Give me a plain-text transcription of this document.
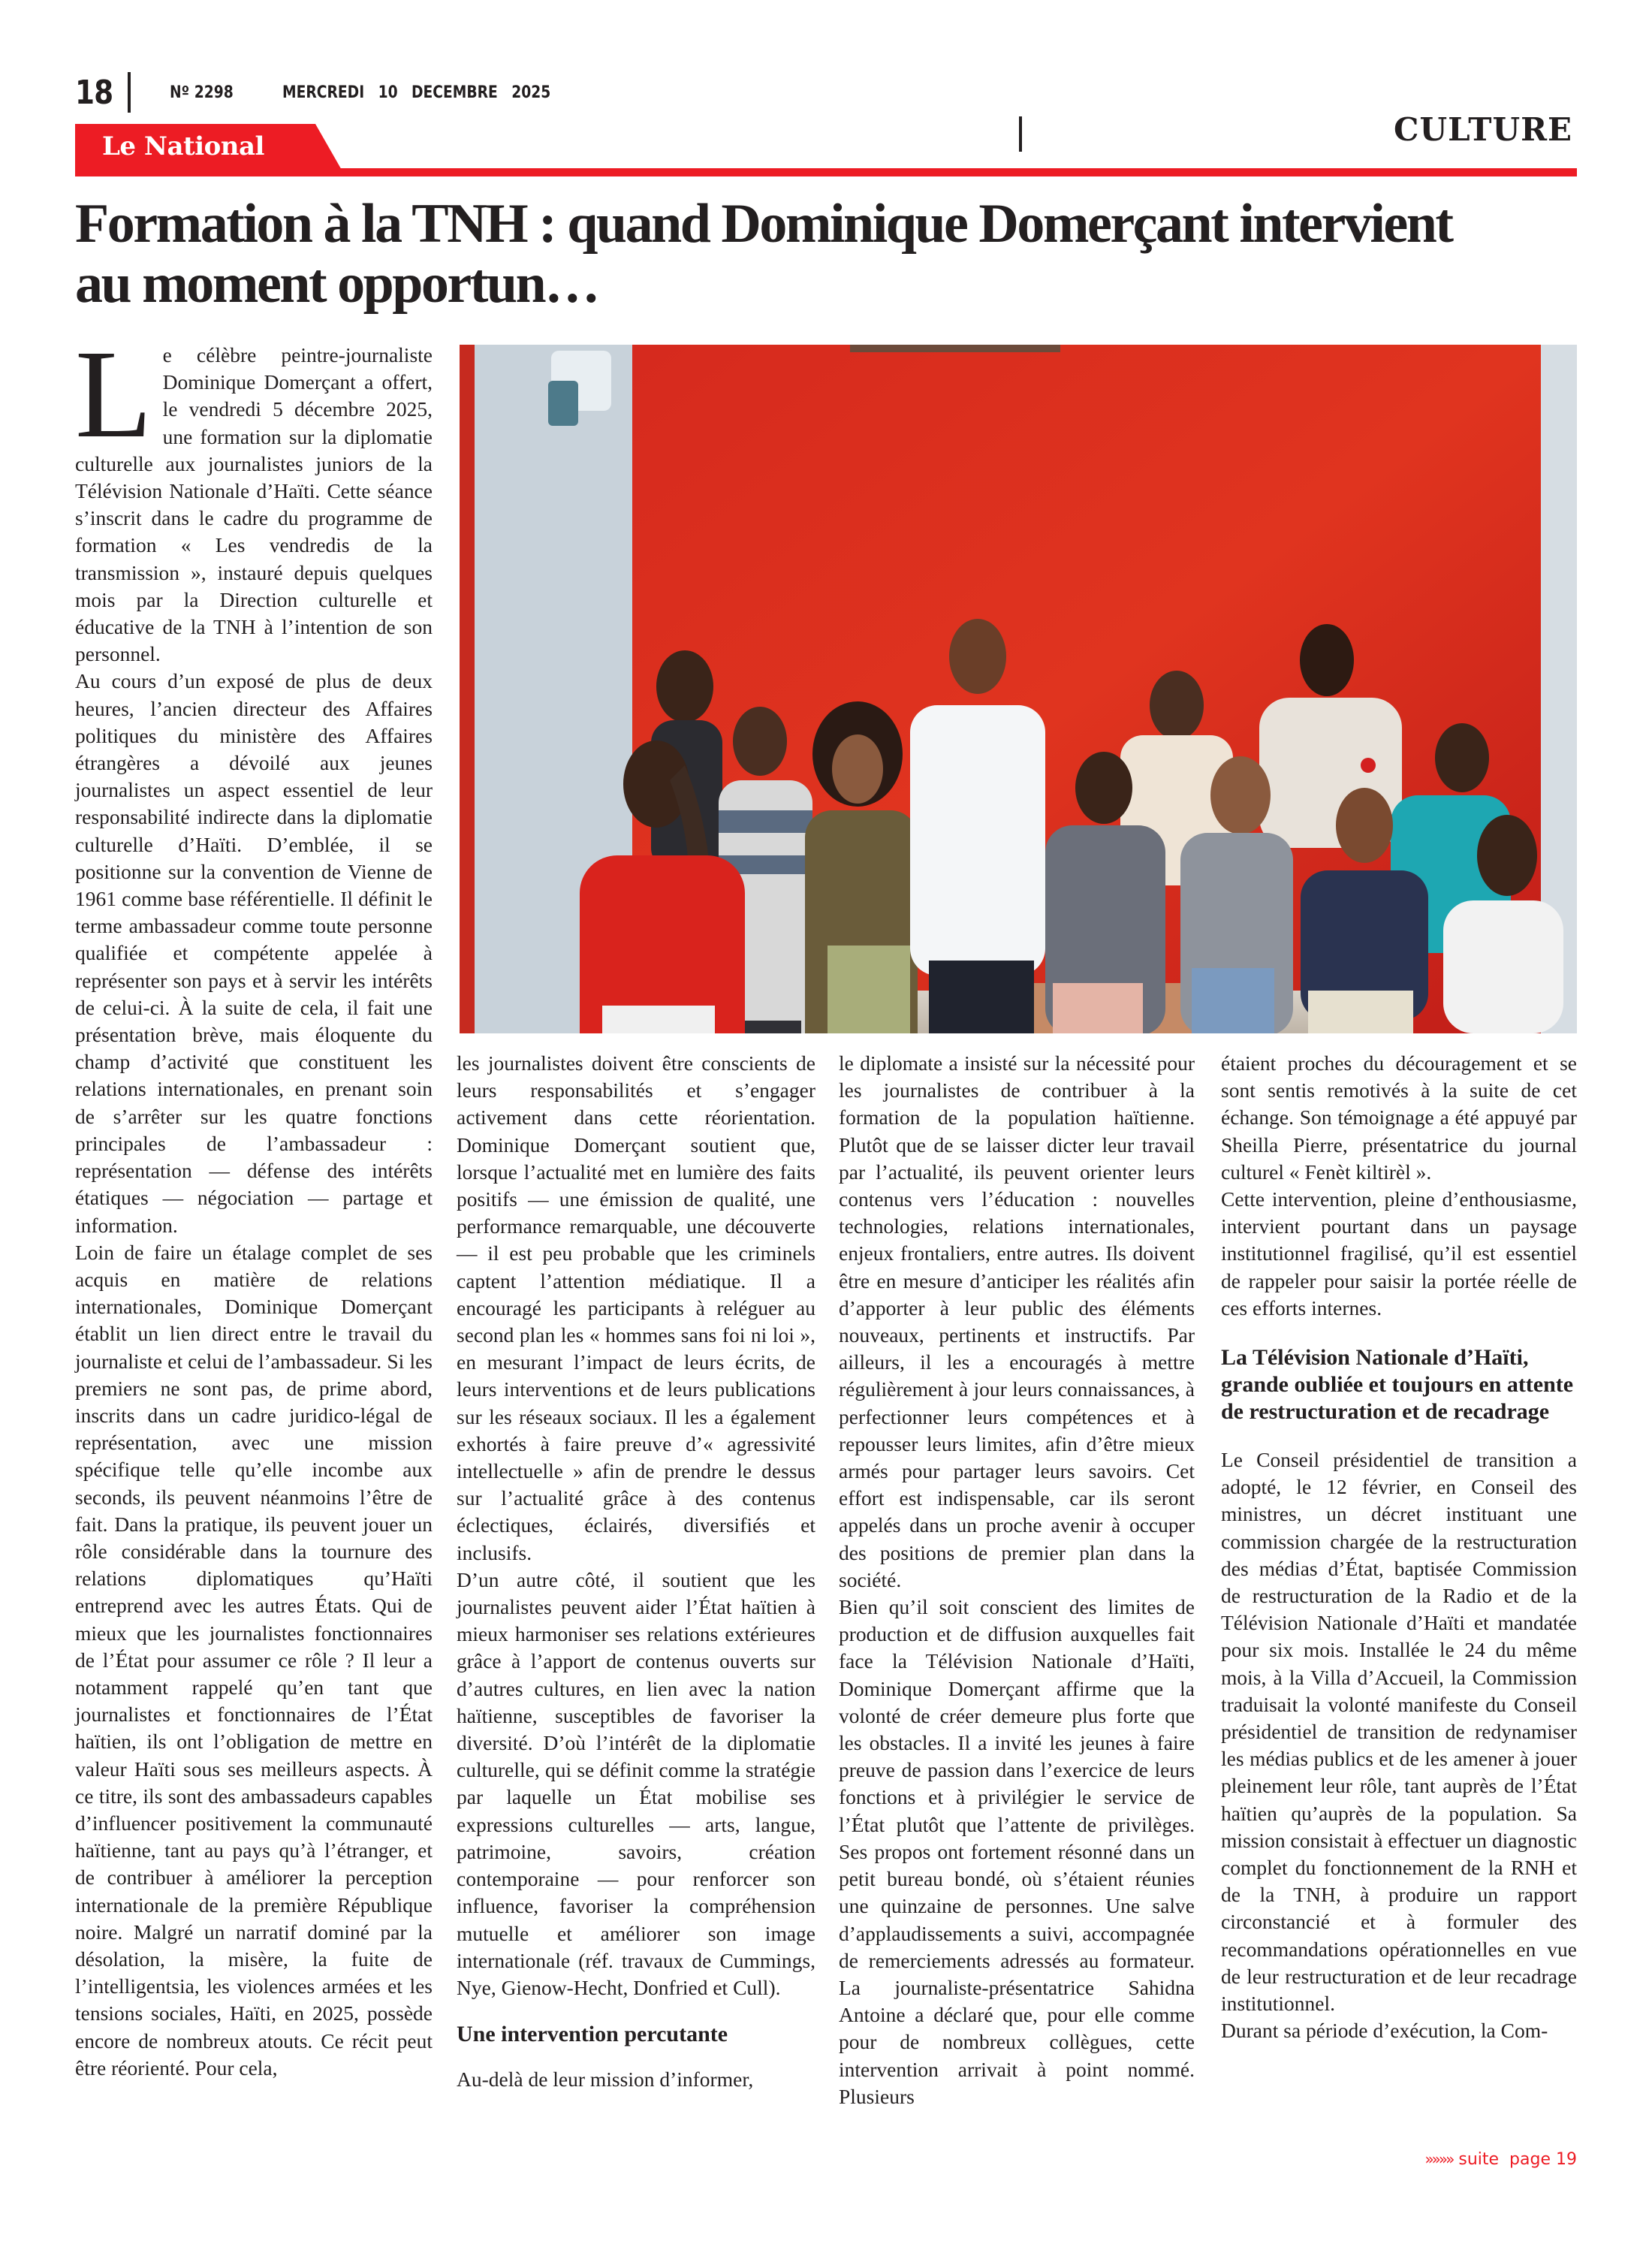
18	Nº 2298	MERCREDI 10 DECEMBRE 2025
Le National	CULTURE
Formation à la TNH : quand Dominique Domerçant intervient au moment opportun…

Le célèbre peintre-journaliste Dominique Domerçant a offert, le vendredi 5 décembre 2025, une formation sur la diplomatie culturelle aux journalistes juniors de la Télévision Nationale d’Haïti. Cette séance s’inscrit dans le cadre du programme de formation « Les vendredis de la transmission », instauré depuis quelques mois par la Direction culturelle et éducative de la TNH à l’intention de son personnel.

Au cours d’un exposé de plus de deux heures, l’ancien directeur des Affaires politiques du ministère des Affaires étrangères a dévoilé aux jeunes journalistes un aspect essentiel de leur responsabilité indirecte dans la diplomatie culturelle d’Haïti. D’emblée, il se positionne sur la convention de Vienne de 1961 comme base référentielle. Il définit le terme ambassadeur comme toute personne qualifiée et compétente appelée à représenter son pays et à servir les intérêts de celui-ci. À la suite de cela, il fait une présentation brève, mais éloquente du champ d’activité que constituent les relations internationales, en prenant soin de s’arrêter sur les quatre fonctions principales de l’ambassadeur : représentation — défense des intérêts étatiques — négociation — partage et information.

Loin de faire un étalage complet de ses acquis en matière de relations internationales, Dominique Domerçant établit un lien direct entre le travail du journaliste et celui de l’ambassadeur. Si les premiers ne sont pas, de prime abord, inscrits dans un cadre juridico-légal de représentation, avec une mission spécifique telle qu’elle incombe aux seconds, ils peuvent néanmoins l’être de fait. Dans la pratique, ils peuvent jouer un rôle considérable dans la tournure des relations diplomatiques qu’Haïti entreprend avec les autres États. Qui de mieux que les journalistes fonctionnaires de l’État pour assumer ce rôle ? Il leur a notamment rappelé qu’en tant que journalistes et fonctionnaires de l’État haïtien, ils ont l’obligation de mettre en valeur Haïti sous ses meilleurs aspects. À ce titre, ils sont des ambassadeurs capables d’influencer positivement la communauté haïtienne, tant au pays qu’à l’étranger, et de contribuer à améliorer la perception internationale de la première République noire. Malgré un narratif dominé par la désolation, la misère, la fuite de l’intelligentsia, les violences armées et les tensions sociales, Haïti, en 2025, possède encore de nombreux atouts. Ce récit peut être réorienté. Pour cela,

les journalistes doivent être conscients de leurs responsabilités et s’engager activement dans cette réorientation. Dominique Domerçant soutient que, lorsque l’actualité met en lumière des faits positifs — une émission de qualité, une performance remarquable, une découverte — il est peu probable que les criminels captent l’attention médiatique. Il a encouragé les participants à reléguer au second plan les « hommes sans foi ni loi », en mesurant l’impact de leurs écrits, de leurs interventions et de leurs publications sur les réseaux sociaux. Il les a également exhortés à faire preuve d’« agressivité intellectuelle » afin de prendre le dessus sur l’actualité grâce à des contenus éclectiques, éclairés, diversifiés et inclusifs.

D’un autre côté, il soutient que les journalistes peuvent aider l’État haïtien à mieux harmoniser ses relations extérieures grâce à l’apport de contenus ouverts sur d’autres cultures, en lien avec la nation haïtienne, susceptibles de favoriser la diversité. D’où l’intérêt de la diplomatie culturelle, qui se définit comme la stratégie par laquelle un État mobilise ses expressions culturelles — arts, langue, patrimoine, savoirs, création contemporaine — pour renforcer son influence, favoriser la compréhension mutuelle et améliorer son image internationale (réf. travaux de Cummings, Nye, Gienow-Hecht, Donfried et Cull).

Une intervention percutante

Au-delà de leur mission d’informer,

le diplomate a insisté sur la nécessité pour les journalistes de contribuer à la formation de la population haïtienne. Plutôt que de se laisser dicter leur travail par l’actualité, ils peuvent orienter leurs contenus vers l’éducation : nouvelles technologies, relations internationales, enjeux frontaliers, entre autres. Ils doivent être en mesure d’anticiper les réalités afin d’apporter à leur public des éléments nouveaux, pertinents et instructifs. Par ailleurs, il les a encouragés à mettre régulièrement à jour leurs connaissances, à perfectionner leurs compétences et à repousser leurs limites, afin d’être mieux armés pour partager leurs savoirs. Cet effort est indispensable, car ils seront appelés dans un proche avenir à occuper des positions de premier plan dans la société.

Bien qu’il soit conscient des limites de production et de diffusion auxquelles fait face la Télévision Nationale d’Haïti, Dominique Domerçant affirme que la volonté de créer demeure plus forte que les obstacles. Il a invité les jeunes à faire preuve de passion dans l’exercice de leurs fonctions et à privilégier le service de l’État plutôt que l’attente de privilèges. Ses propos ont fortement résonné dans un petit bureau bondé, où s’étaient réunies une quinzaine de personnes. Une salve d’applaudissements a suivi, accompagnée de remerciements adressés au formateur. La journaliste-présentatrice Sahidna Antoine a déclaré que, pour elle comme pour de nombreux collègues, cette intervention arrivait à point nommé. Plusieurs

étaient proches du découragement et se sont sentis remotivés à la suite de cet échange. Son témoignage a été appuyé par Sheilla Pierre, présentatrice du journal culturel « Fenèt kiltirèl ».

Cette intervention, pleine d’enthousiasme, intervient pourtant dans un paysage institutionnel fragilisé, qu’il est essentiel de rappeler pour saisir la portée réelle de ces efforts internes.

La Télévision Nationale d’Haïti, grande oubliée et toujours en attente de restructuration et de recadrage

Le Conseil présidentiel de transition a adopté, le 12 février, en Conseil des ministres, un décret instituant une commission chargée de la restructuration des médias d’État, baptisée Commission de restructuration de la Radio et de la Télévision Nationale d’Haïti et mandatée pour six mois. Installée le 24 du même mois, à la Villa d’Accueil, la Commission traduisait la volonté manifeste du Conseil présidentiel de transition de redynamiser les médias publics et de les amener à jouer pleinement leur rôle, tant auprès de l’État haïtien qu’auprès de la population. Sa mission consistait à effectuer un diagnostic complet du fonctionnement de la RNH et de la TNH, à produire un rapport circonstancié et à formuler des recommandations opérationnelles en vue de leur restructuration et de leur recadrage institutionnel.

Durant sa période d’exécution, la Com-

»»»» suite  page 19
